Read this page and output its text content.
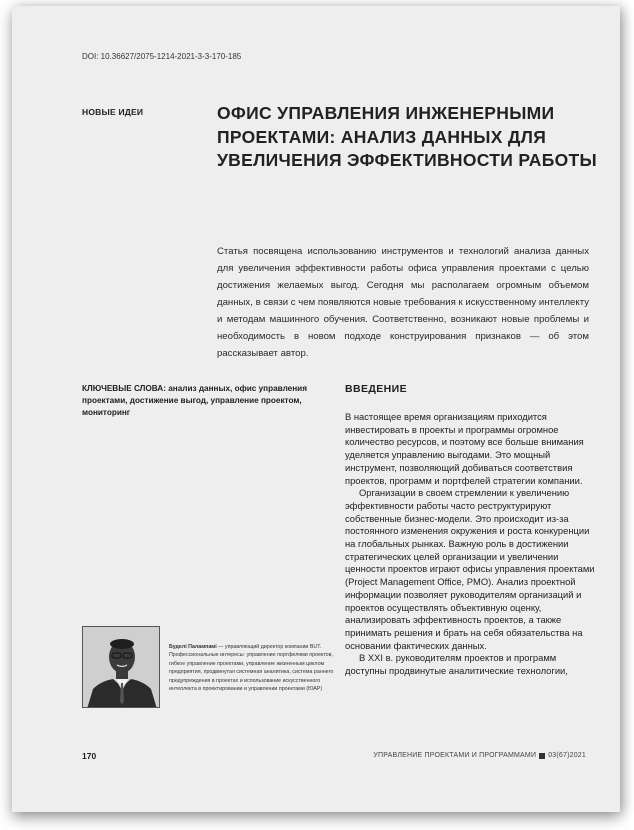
DOI: 10.36627/2075-1214-2021-3-3-170-185
НОВЫЕ ИДЕИ	ОФИС УПРАВЛЕНИЯ ИНЖЕНЕРНЫМИ ПРОЕКТАМИ: АНАЛИЗ ДАННЫХ ДЛЯ УВЕЛИЧЕНИЯ ЭФФЕКТИВНОСТИ РАБОТЫ

Статья посвящена использованию инструментов и технологий анализа данных для увеличения эффективности работы офиса управления проектами с целью достижения желаемых выгод. Сегодня мы располагаем огромным объемом данных, в связи с чем появляются новые требования к искусственному интеллекту и методам машинного обучения. Соответственно, возникают новые проблемы и необходимость в новом подходе конструирования признаков — об этом рассказывает автор.

КЛЮЧЕВЫЕ СЛОВА: анализ данных, офис управления проектами, достижение выгод, управление проектом, мониторинг

ВВЕДЕНИЕ

В настоящее время организациям приходится инвестировать в проекты и программы огромное количество ресурсов, и поэтому все больше внимания уделяется управлению выгодами. Это мощный инструмент, позволяющий добиваться соответствия проектов, программ и портфелей стратегии компании.

Организации в своем стремлении к увеличению эффективности работы часто реструктурируют собственные бизнес-модели. Это происходит из-за постоянного изменения окружения и роста конкуренции на глобальных рынках. Важную роль в достижении стратегических целей организации и увеличении ценности проектов играют офисы управления проектами (Project Management Office, PMO). Анализ проектной информации позволяет руководителям организаций и проектов осуществлять объективную оценку, анализировать эффективность проектов, а также принимать решения и брать на себя обязательства на основании фактических данных.

В XXI в. руководителям проектов и программ доступны продвинутые аналитические технологии,

Буделі Палампамі — управляющий директор компании BUT. Профессиональные интересы: управление портфелями проектов, гибкое управление проектами, управление жизненным циклом предприятия, продвинутая системная аналитика, система раннего предупреждения в проектах и использование искусственного интеллекта в проектировании и управлении проектами (ЮАР)

170	УПРАВЛЕНИЕ ПРОЕКТАМИ И ПРОГРАММАМИ 03(67)2021
